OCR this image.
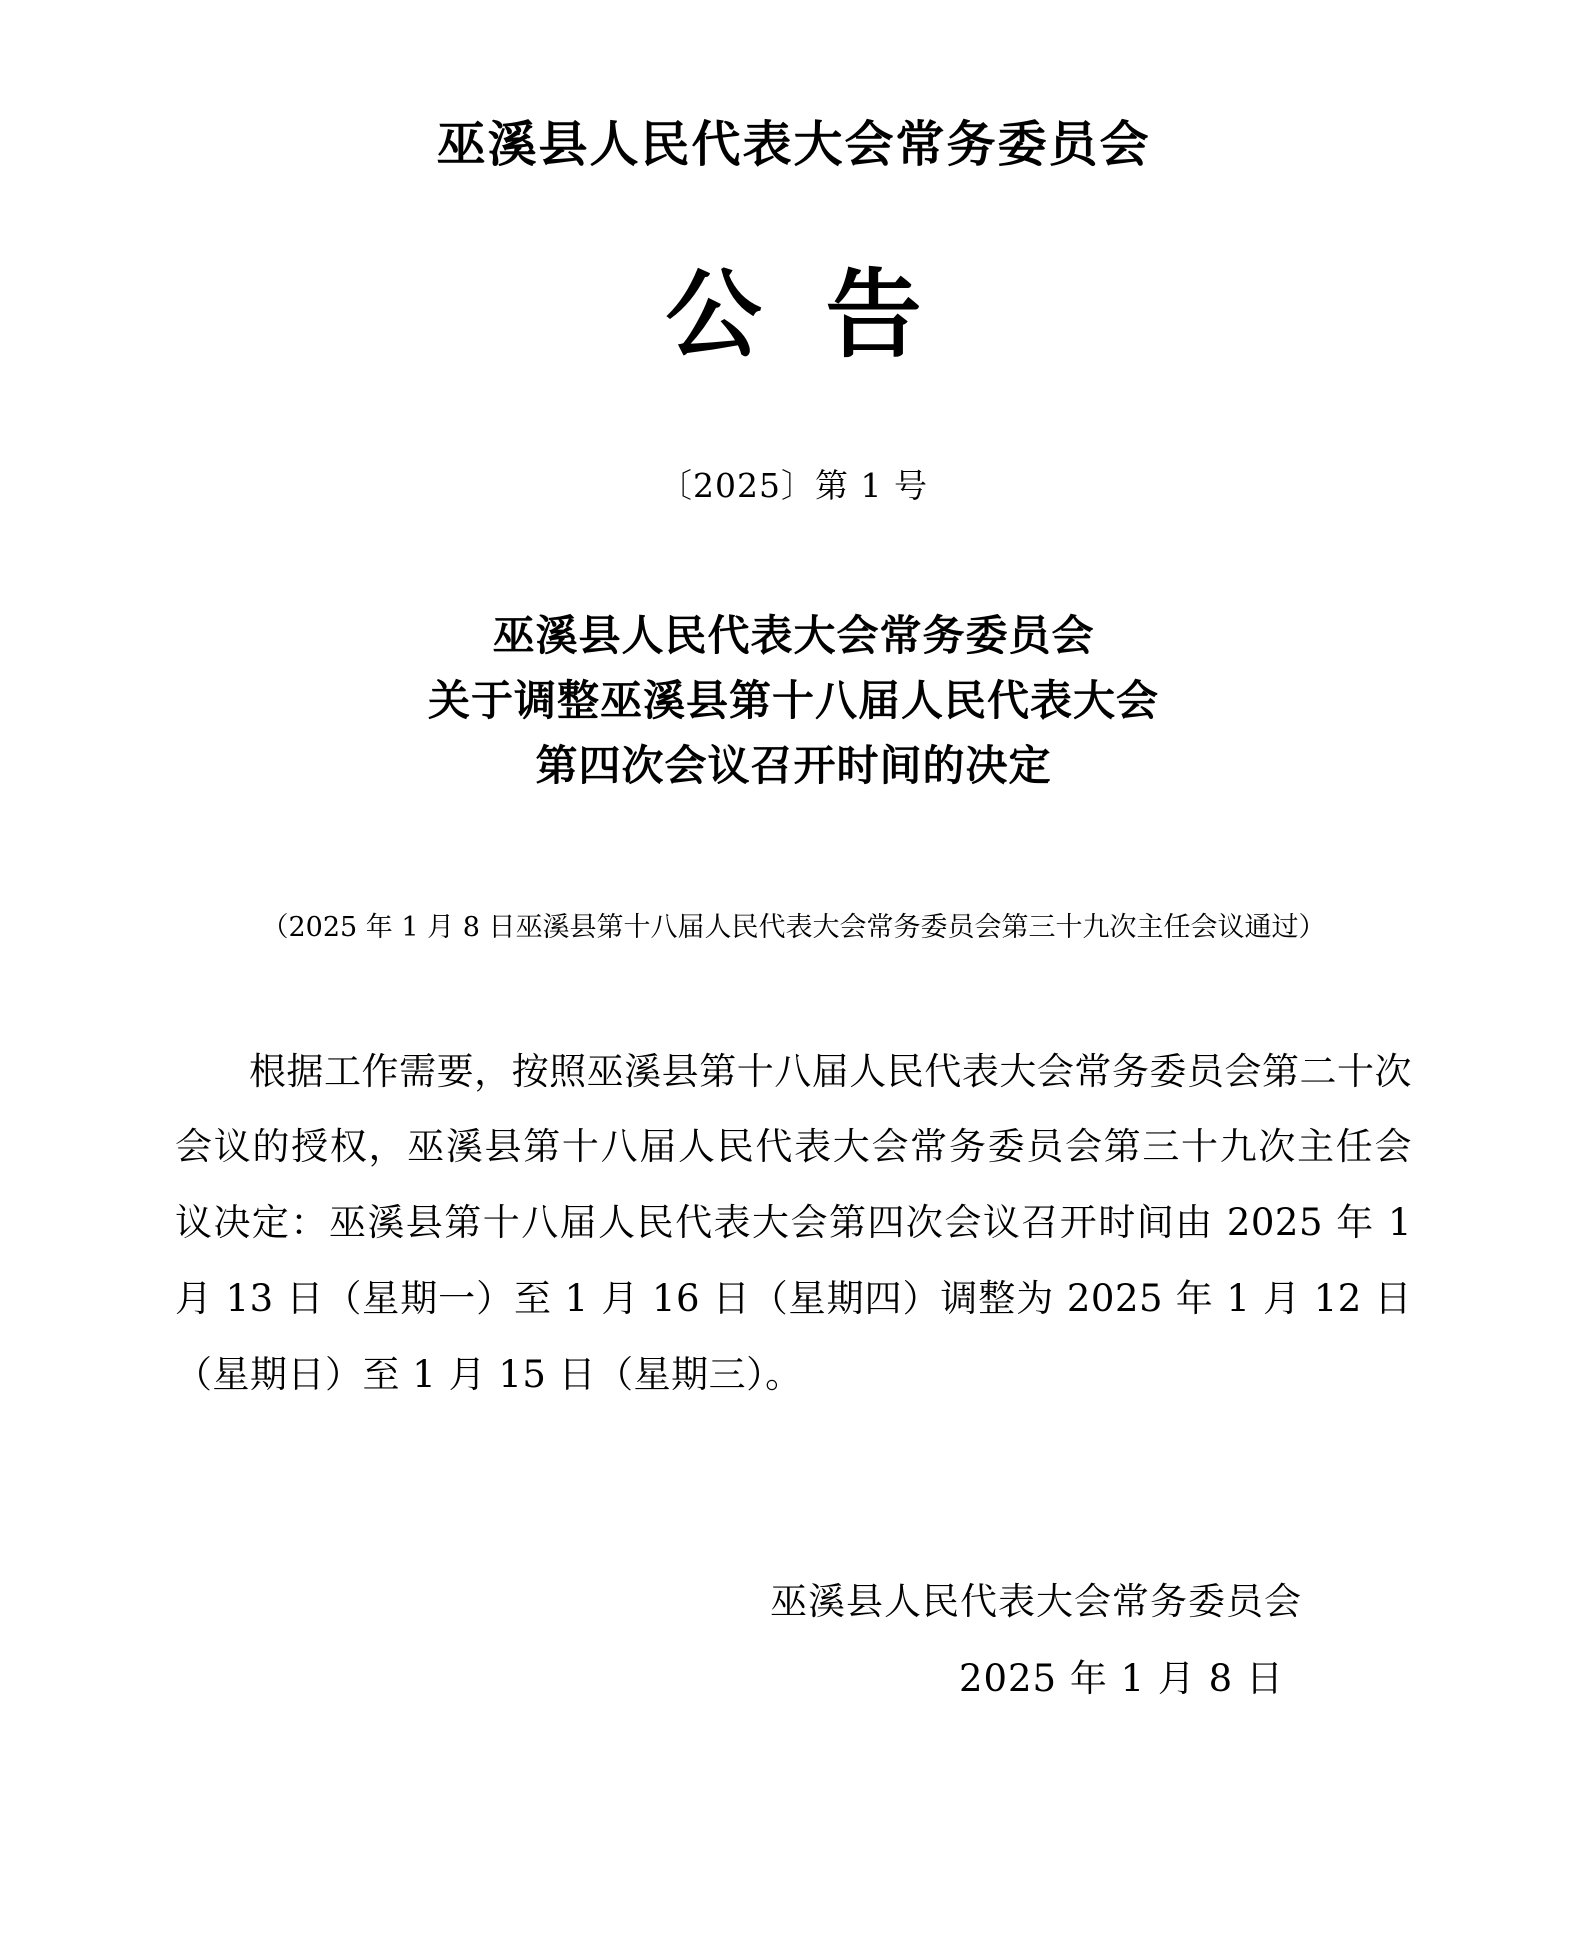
巫溪县人民代表大会常务委员会
公告
〔2025〕第 1 号
巫溪县人民代表大会常务委员会
关于调整巫溪县第十八届人民代表大会
第四次会议召开时间的决定
（2025 年 1 月 8 日巫溪县第十八届人民代表大会常务委员会第三十九次主任会议通过）
根据工作需要，按照巫溪县第十八届人民代表大会常务委员会第二十次会议的授权，巫溪县第十八届人民代表大会常务委员会第三十九次主任会议决定：巫溪县第十八届人民代表大会第四次会议召开时间由 2025 年 1 月 13 日（星期一）至 1 月 16 日（星期四）调整为 2025 年 1 月 12 日（星期日）至 1 月 15 日（星期三）。
巫溪县人民代表大会常务委员会
2025 年 1 月 8 日
